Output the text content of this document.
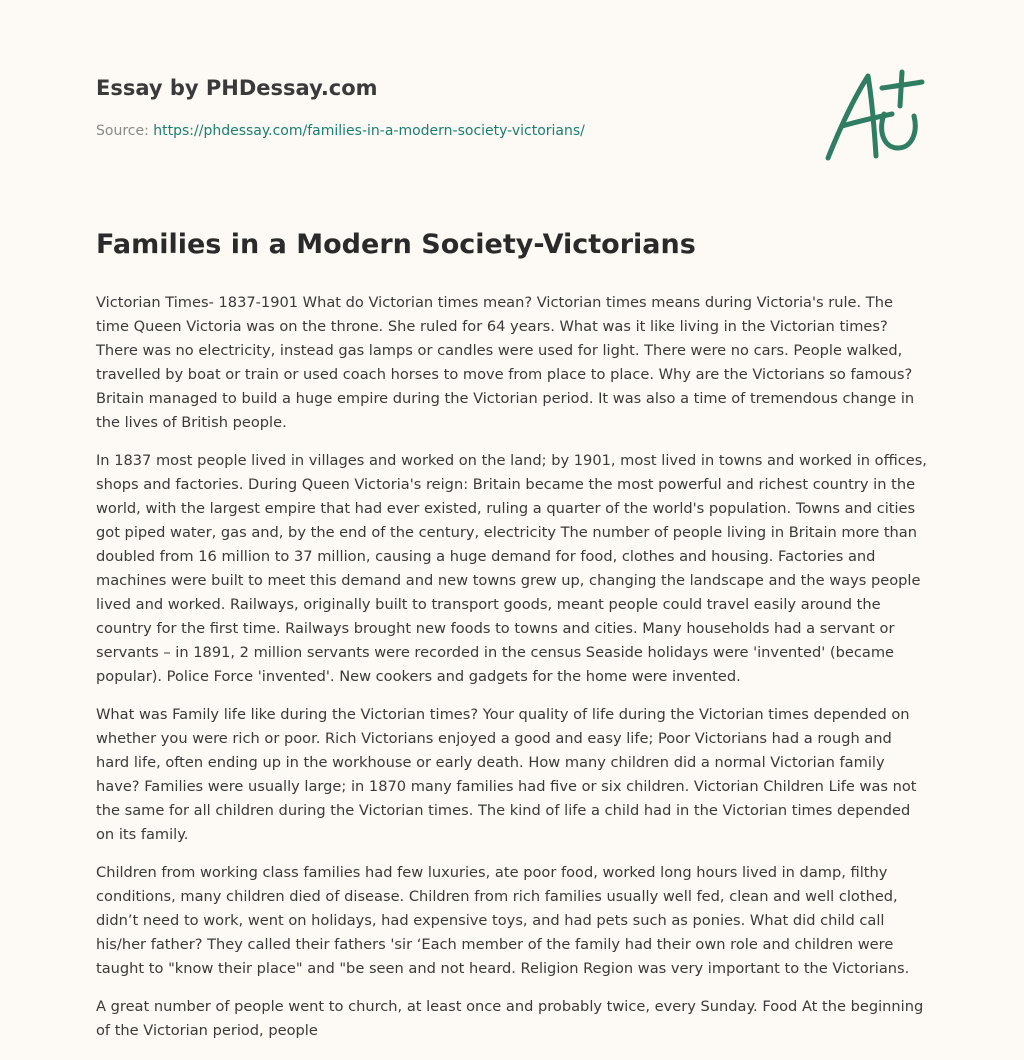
Essay by PHDessay.com
Source: https://phdessay.com/families-in-a-modern-society-victorians/
Families in a Modern Society-Victorians

Victorian Times- 1837-1901 What do Victorian times mean? Victorian times means during Victoria's rule. The time Queen Victoria was on the throne. She ruled for 64 years. What was it like living in the Victorian times? There was no electricity, instead gas lamps or candles were used for light. There were no cars. People walked, travelled by boat or train or used coach horses to move from place to place. Why are the Victorians so famous? Britain managed to build a huge empire during the Victorian period. It was also a time of tremendous change in the lives of British people.

In 1837 most people lived in villages and worked on the land; by 1901, most lived in towns and worked in offices, shops and factories. During Queen Victoria's reign: Britain became the most powerful and richest country in the world, with the largest empire that had ever existed, ruling a quarter of the world's population. Towns and cities got piped water, gas and, by the end of the century, electricity The number of people living in Britain more than doubled from 16 million to 37 million, causing a huge demand for food, clothes and housing. Factories and machines were built to meet this demand and new towns grew up, changing the landscape and the ways people lived and worked. Railways, originally built to transport goods, meant people could travel easily around the country for the first time. Railways brought new foods to towns and cities. Many households had a servant or servants – in 1891, 2 million servants were recorded in the census Seaside holidays were 'invented' (became popular). Police Force 'invented'. New cookers and gadgets for the home were invented.

What was Family life like during the Victorian times? Your quality of life during the Victorian times depended on whether you were rich or poor. Rich Victorians enjoyed a good and easy life; Poor Victorians had a rough and hard life, often ending up in the workhouse or early death. How many children did a normal Victorian family have? Families were usually large; in 1870 many families had five or six children. Victorian Children Life was not the same for all children during the Victorian times. The kind of life a child had in the Victorian times depended on its family.

Children from working class families had few luxuries, ate poor food, worked long hours lived in damp, filthy conditions, many children died of disease. Children from rich families usually well fed, clean and well clothed, didn’t need to work, went on holidays, had expensive toys, and had pets such as ponies. What did child call his/her father? They called their fathers 'sir ‘Each member of the family had their own role and children were taught to "know their place" and "be seen and not heard. Religion Region was very important to the Victorians.

A great number of people went to church, at least once and probably twice, every Sunday. Food At the beginning of the Victorian period, people
